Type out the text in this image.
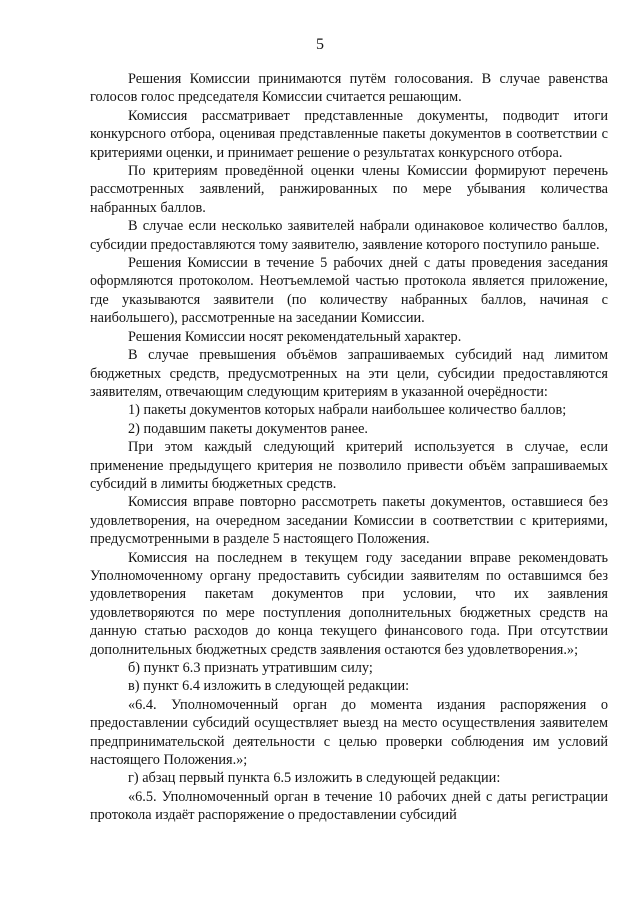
5

Решения Комиссии принимаются путём голосования. В случае равенства голосов голос председателя Комиссии считается решающим.

Комиссия рассматривает представленные документы, подводит итоги конкурсного отбора, оценивая представленные пакеты документов в соответствии с критериями оценки, и принимает решение о результатах конкурсного отбора.

По критериям проведённой оценки члены Комиссии формируют перечень рассмотренных заявлений, ранжированных по мере убывания количества набранных баллов.

В случае если несколько заявителей набрали одинаковое количество баллов, субсидии предоставляются тому заявителю, заявление которого поступило раньше.

Решения Комиссии в течение 5 рабочих дней с даты проведения заседания оформляются протоколом. Неотъемлемой частью протокола является приложение, где указываются заявители (по количеству набранных баллов, начиная с наибольшего), рассмотренные на заседании Комиссии.

Решения Комиссии носят рекомендательный характер.

В случае превышения объёмов запрашиваемых субсидий над лимитом бюджетных средств, предусмотренных на эти цели, субсидии предоставляются заявителям, отвечающим следующим критериям в указанной очерёдности:

1) пакеты документов которых набрали наибольшее количество баллов;

2) подавшим пакеты документов ранее.

При этом каждый следующий критерий используется в случае, если применение предыдущего критерия не позволило привести объём запрашиваемых субсидий в лимиты бюджетных средств.

Комиссия вправе повторно рассмотреть пакеты документов, оставшиеся без удовлетворения, на очередном заседании Комиссии в соответствии с критериями, предусмотренными в разделе 5 настоящего Положения.

Комиссия на последнем в текущем году заседании вправе рекомендовать Уполномоченному органу предоставить субсидии заявителям по оставшимся без удовлетворения пакетам документов при условии, что их заявления удовлетворяются по мере поступления дополнительных бюджетных средств на данную статью расходов до конца текущего финансового года. При отсутствии дополнительных бюджетных средств заявления остаются без удовлетворения.»;

б) пункт 6.3 признать утратившим силу;

в) пункт 6.4 изложить в следующей редакции:

«6.4. Уполномоченный орган до момента издания распоряжения о предоставлении субсидий осуществляет выезд на место осуществления заявителем предпринимательской деятельности с целью проверки соблюдения им условий настоящего Положения.»;

г) абзац первый пункта 6.5 изложить в следующей редакции:

«6.5. Уполномоченный орган в течение 10 рабочих дней с даты регистрации протокола издаёт распоряжение о предоставлении субсидий
